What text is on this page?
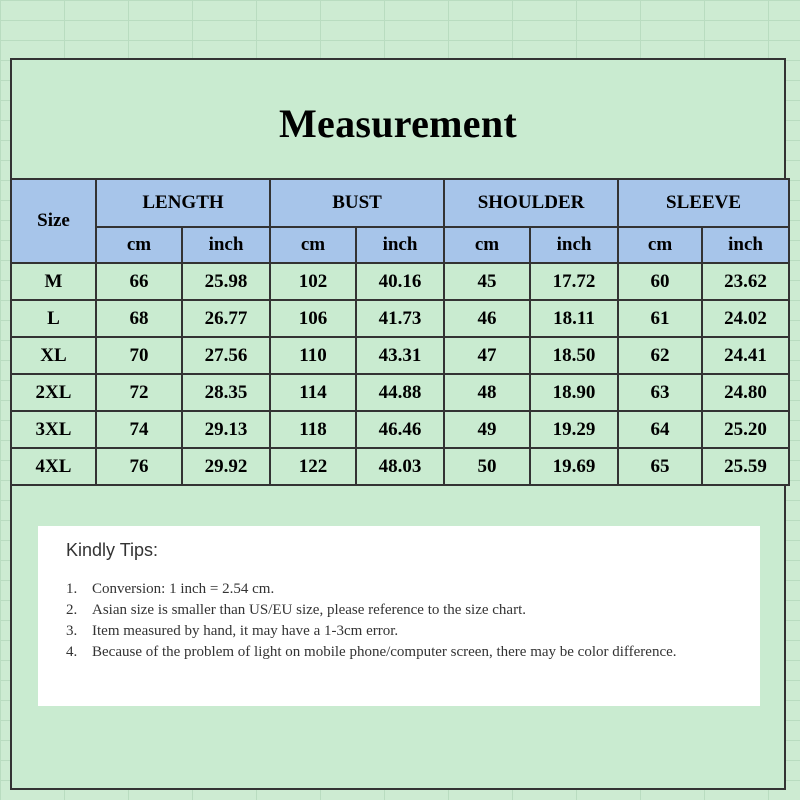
Measurement
Size	LENGTH		BUST		SHOULDER		SLEEVE	
	cm	inch	cm	inch	cm	inch	cm	inch
M	66	25.98	102	40.16	45	17.72	60	23.62
L	68	26.77	106	41.73	46	18.11	61	24.02
XL	70	27.56	110	43.31	47	18.50	62	24.41
2XL	72	28.35	114	44.88	48	18.90	63	24.80
3XL	74	29.13	118	46.46	49	19.29	64	25.20
4XL	76	29.92	122	48.03	50	19.69	65	25.59
Kindly Tips:
1. Conversion: 1 inch = 2.54 cm.
2. Asian size is smaller than US/EU size, please reference to the size chart.
3. Item measured by hand, it may have a 1-3cm error.
4. Because of the problem of light on mobile phone/computer screen, there may be color difference.
